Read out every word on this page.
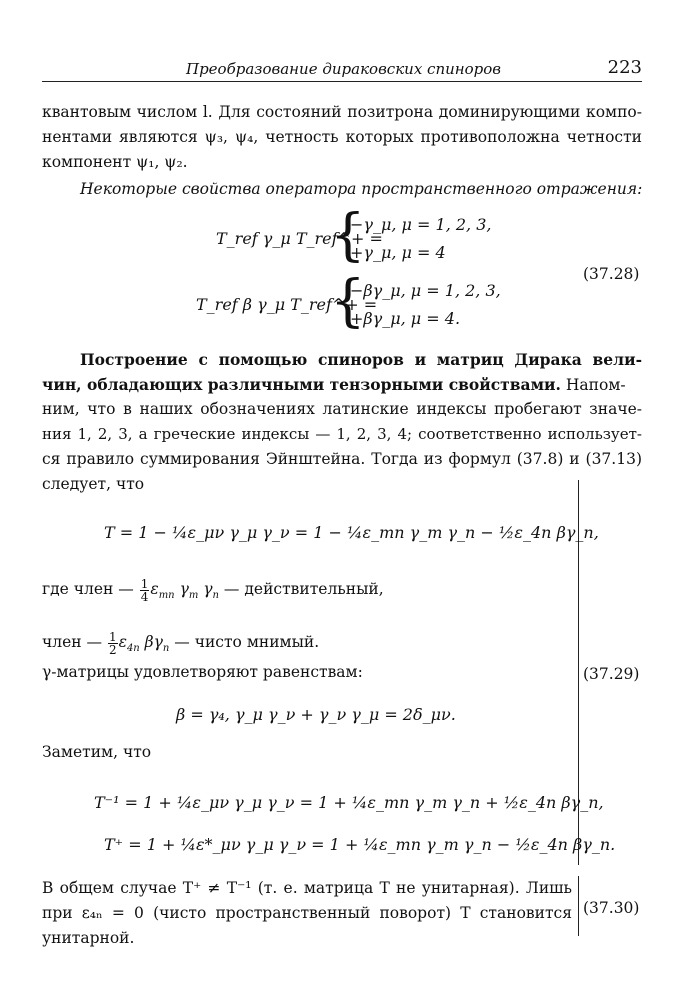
Преобразование дираковских спиноров	223
квантовым числом l. Для состояний позитрона доминирующими компо-
нентами являются ψ₃, ψ₄, четность которых противоположна четности
компонент ψ₁, ψ₂.
Некоторые свойства оператора пространственного отражения:
T_ref γ_μ T_ref^+ =
{
−γ_μ, μ = 1, 2, 3,
+γ_μ, μ = 4
T_ref β γ_μ T_ref^+ =
{
−βγ_μ, μ = 1, 2, 3,
+βγ_μ, μ = 4.
(37.28)
Построение с помощью спиноров и матриц Дирака вели-
чин, обладающих различными тензорными свойствами. Напом-
ним, что в наших обозначениях латинские индексы пробегают значе-
ния 1, 2, 3, а греческие индексы — 1, 2, 3, 4; соответственно использует-
ся правило суммирования Эйнштейна. Тогда из формул (37.8) и (37.13)
следует, что
(37.29)
T = 1 − ¼ε_μν γ_μ γ_ν = 1 − ¼ε_mn γ_m γ_n − ½ε_4n βγ_n,
где член — $\frac{1}{4} \varepsilon_{mn}$ $\gamma_m$ $\gamma_n$ — действительный,
член — $\frac{1}{2} \varepsilon_{4n}$ $\beta\gamma_n$ — чисто мнимый.
γ-матрицы удовлетворяют равенствам:
β = γ₄, γ_μ γ_ν + γ_ν γ_μ = 2δ_μν.
Заметим, что
T⁻¹ = 1 + ¼ε_μν γ_μ γ_ν = 1 + ¼ε_mn γ_m γ_n + ½ε_4n βγ_n,
T⁺ = 1 + ¼ε*_μν γ_μ γ_ν = 1 + ¼ε_mn γ_m γ_n − ½ε_4n βγ_n.
(37.30)
В общем случае T⁺ ≠ T⁻¹ (т. е. матрица T не унитарная). Лишь
при ε₄ₙ = 0 (чисто пространственный поворот) T становится
унитарной.
